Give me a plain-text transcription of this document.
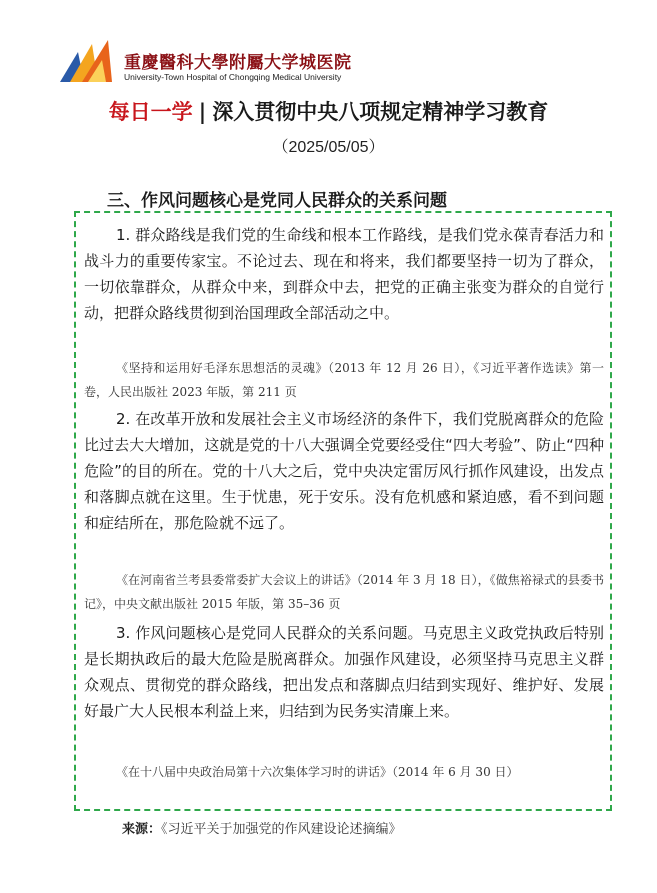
重慶醫科大學附屬大学城医院
University-Town Hospital of Chongqing Medical University
每日一学 | 深入贯彻中央八项规定精神学习教育
（2025/05/05）
三、作风问题核心是党同人民群众的关系问题
1. 群众路线是我们党的生命线和根本工作路线，是我们党永葆青春活力和战斗力的重要传家宝。不论过去、现在和将来，我们都要坚持一切为了群众，一切依靠群众，从群众中来，到群众中去，把党的正确主张变为群众的自觉行动，把群众路线贯彻到治国理政全部活动之中。
《坚持和运用好毛泽东思想活的灵魂》（2013 年 12 月 26 日），《习近平著作选读》第一卷，人民出版社 2023 年版，第 211 页
2. 在改革开放和发展社会主义市场经济的条件下，我们党脱离群众的危险比过去大大增加，这就是党的十八大强调全党要经受住“四大考验”、防止“四种危险”的目的所在。党的十八大之后，党中央决定雷厉风行抓作风建设，出发点和落脚点就在这里。生于忧患，死于安乐。没有危机感和紧迫感，看不到问题和症结所在，那危险就不远了。
《在河南省兰考县委常委扩大会议上的讲话》（2014 年 3 月 18 日），《做焦裕禄式的县委书记》，中央文献出版社 2015 年版，第 35–36 页
3. 作风问题核心是党同人民群众的关系问题。马克思主义政党执政后特别是长期执政后的最大危险是脱离群众。加强作风建设，必须坚持马克思主义群众观点、贯彻党的群众路线，把出发点和落脚点归结到实现好、维护好、发展好最广大人民根本利益上来，归结到为民务实清廉上来。
《在十八届中央政治局第十六次集体学习时的讲话》（2014 年 6 月 30 日）
来源：《习近平关于加强党的作风建设论述摘编》
